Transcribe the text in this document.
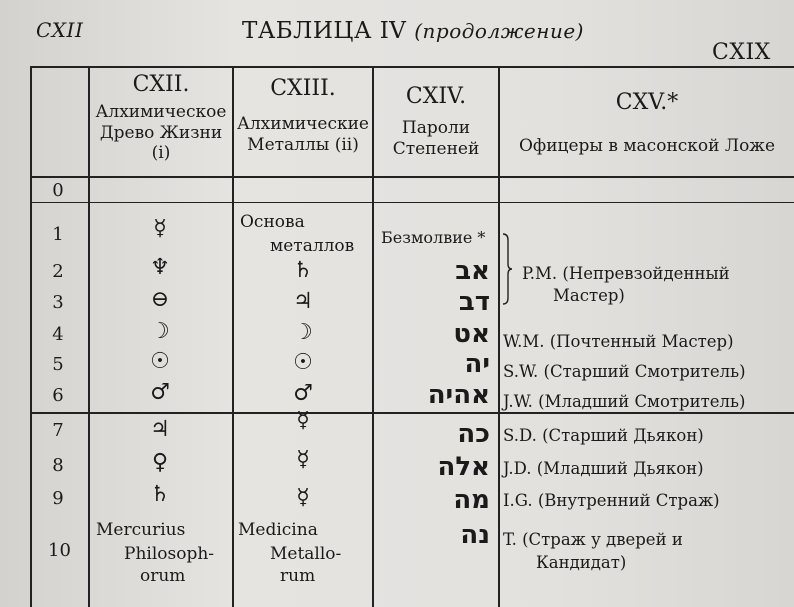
CXII	ТАБЛИЦА IV (продолжение)
CXIX
CXII.
Алхимическое
Древо Жизни
(i)
CXIII.
Алхимические
Металлы (ii)
CXIV.
Пароли
Степеней
CXV.*
Офицеры в масонской Ложе
0
1
2
3
4
5
6
7
8
9
10
☿
♆
⊖
☽
☉
♂
♃
♀
♄
Основа
металлов
♄
♃
☽
☉
♂
☿
☿
☿
Безмолвие *
אב
דב
אט
יה
אהיה
כה
אלה
מה
נה
P.M. (Непревзойденный
Мастер)
W.M. (Почтенный Мастер)
S.W. (Старший Смотритель)
J.W. (Младший Смотритель)
S.D. (Старший Дьякон)
J.D. (Младший Дьякон)
I.G. (Внутренний Страж)
T. (Страж у дверей и
Кандидат)
Mercurius
Philosoph-
orum
Medicina
Metallo-
rum
